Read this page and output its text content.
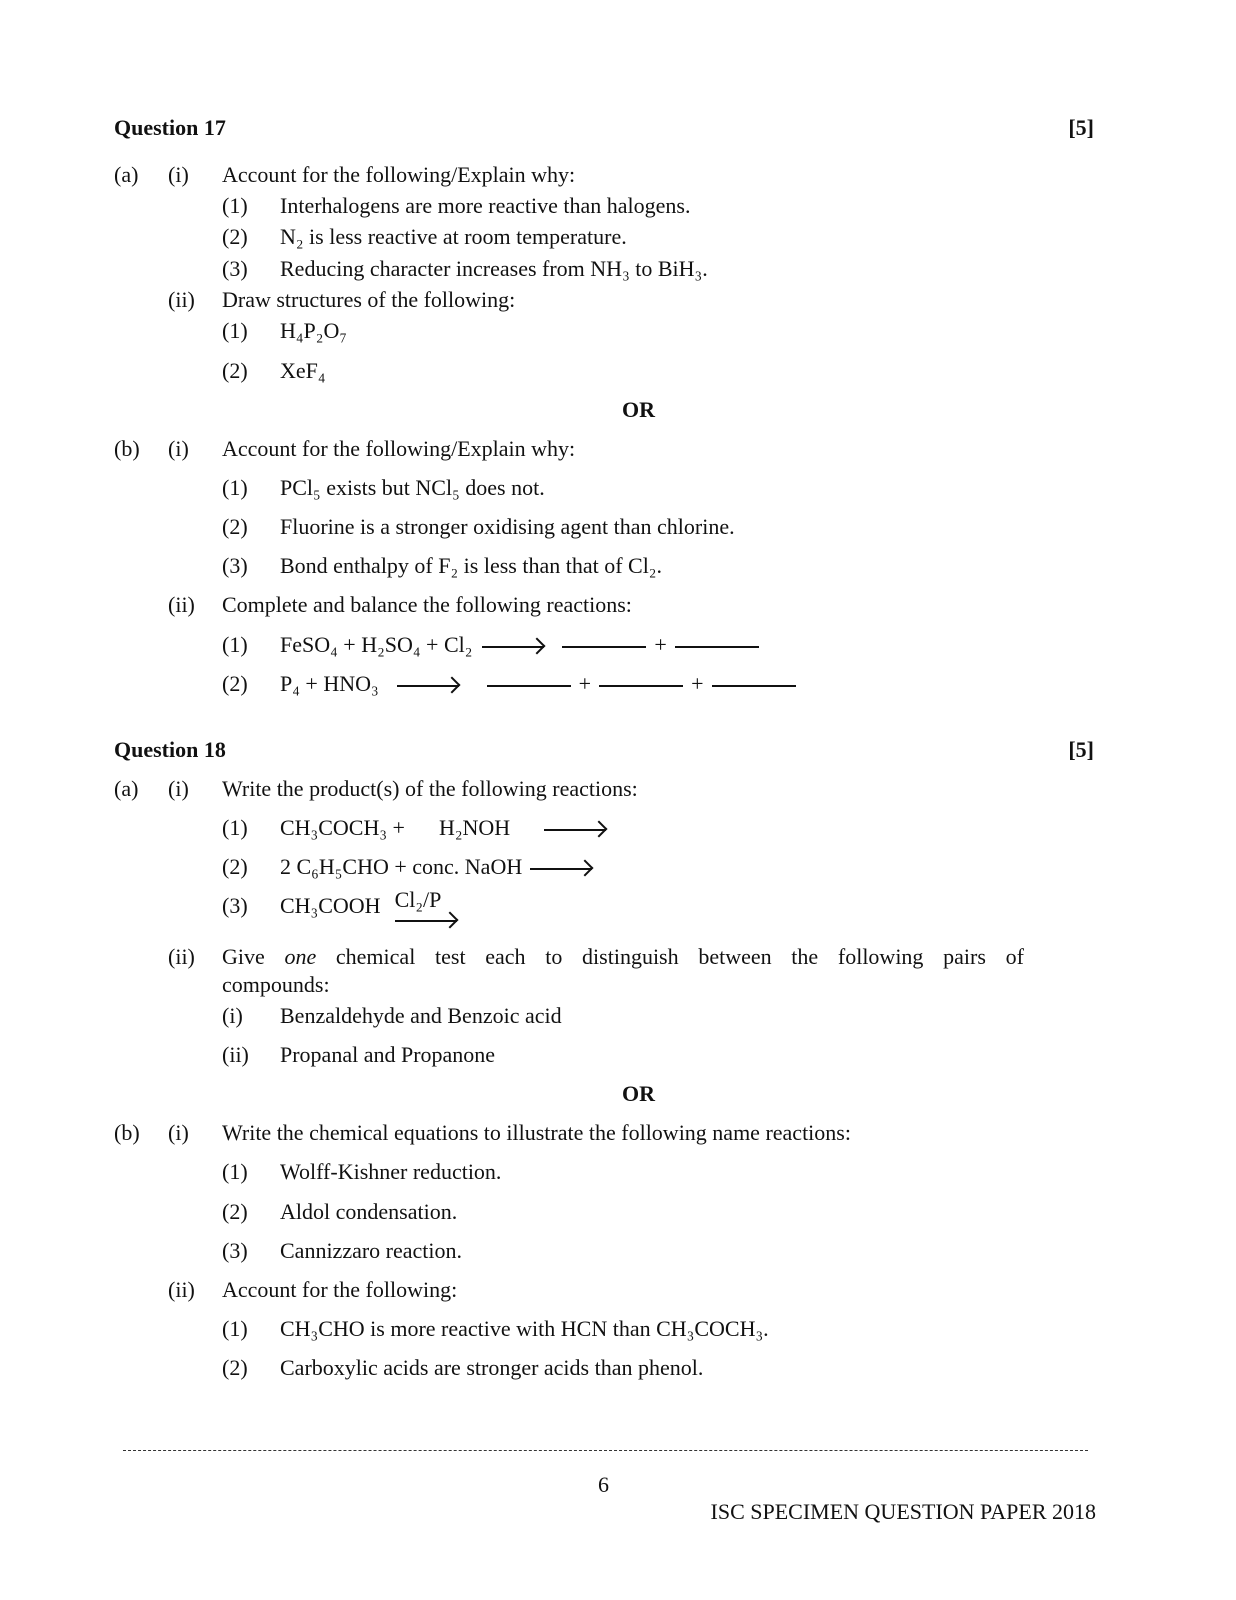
Question 17	[5]
(a) (i) Account for the following/Explain why:
(1) Interhalogens are more reactive than halogens.
(2) N₂ is less reactive at room temperature.
(3) Reducing character increases from NH₃ to BiH₃.
(ii) Draw structures of the following:
(1) H₄P₂O₇
(2) XeF₄
OR
(b) (i) Account for the following/Explain why:
(1) PCl₅ exists but NCl₅ does not.
(2) Fluorine is a stronger oxidising agent than chlorine.
(3) Bond enthalpy of F₂ is less than that of Cl₂.
(ii) Complete and balance the following reactions:
(1) FeSO₄ + H₂SO₄ + Cl₂	+
(2) P₄ + HNO₃	+	+
Question 18	[5]
(a) (i) Write the product(s) of the following reactions:
(1) CH₃COCH₃ + H₂NOH
(2) 2 C₆H₅CHO + conc. NaOH
(3) CH₃COOH Cl₂/P
(ii) Give one chemical test each to distinguish between the following pairs of
compounds:
(i) Benzaldehyde and Benzoic acid
(ii) Propanal and Propanone
OR
(b) (i) Write the chemical equations to illustrate the following name reactions:
(1) Wolff-Kishner reduction.
(2) Aldol condensation.
(3) Cannizzaro reaction.
(ii) Account for the following:
(1) CH₃CHO is more reactive with HCN than CH₃COCH₃.
(2) Carboxylic acids are stronger acids than phenol.
6
ISC SPECIMEN QUESTION PAPER 2018
